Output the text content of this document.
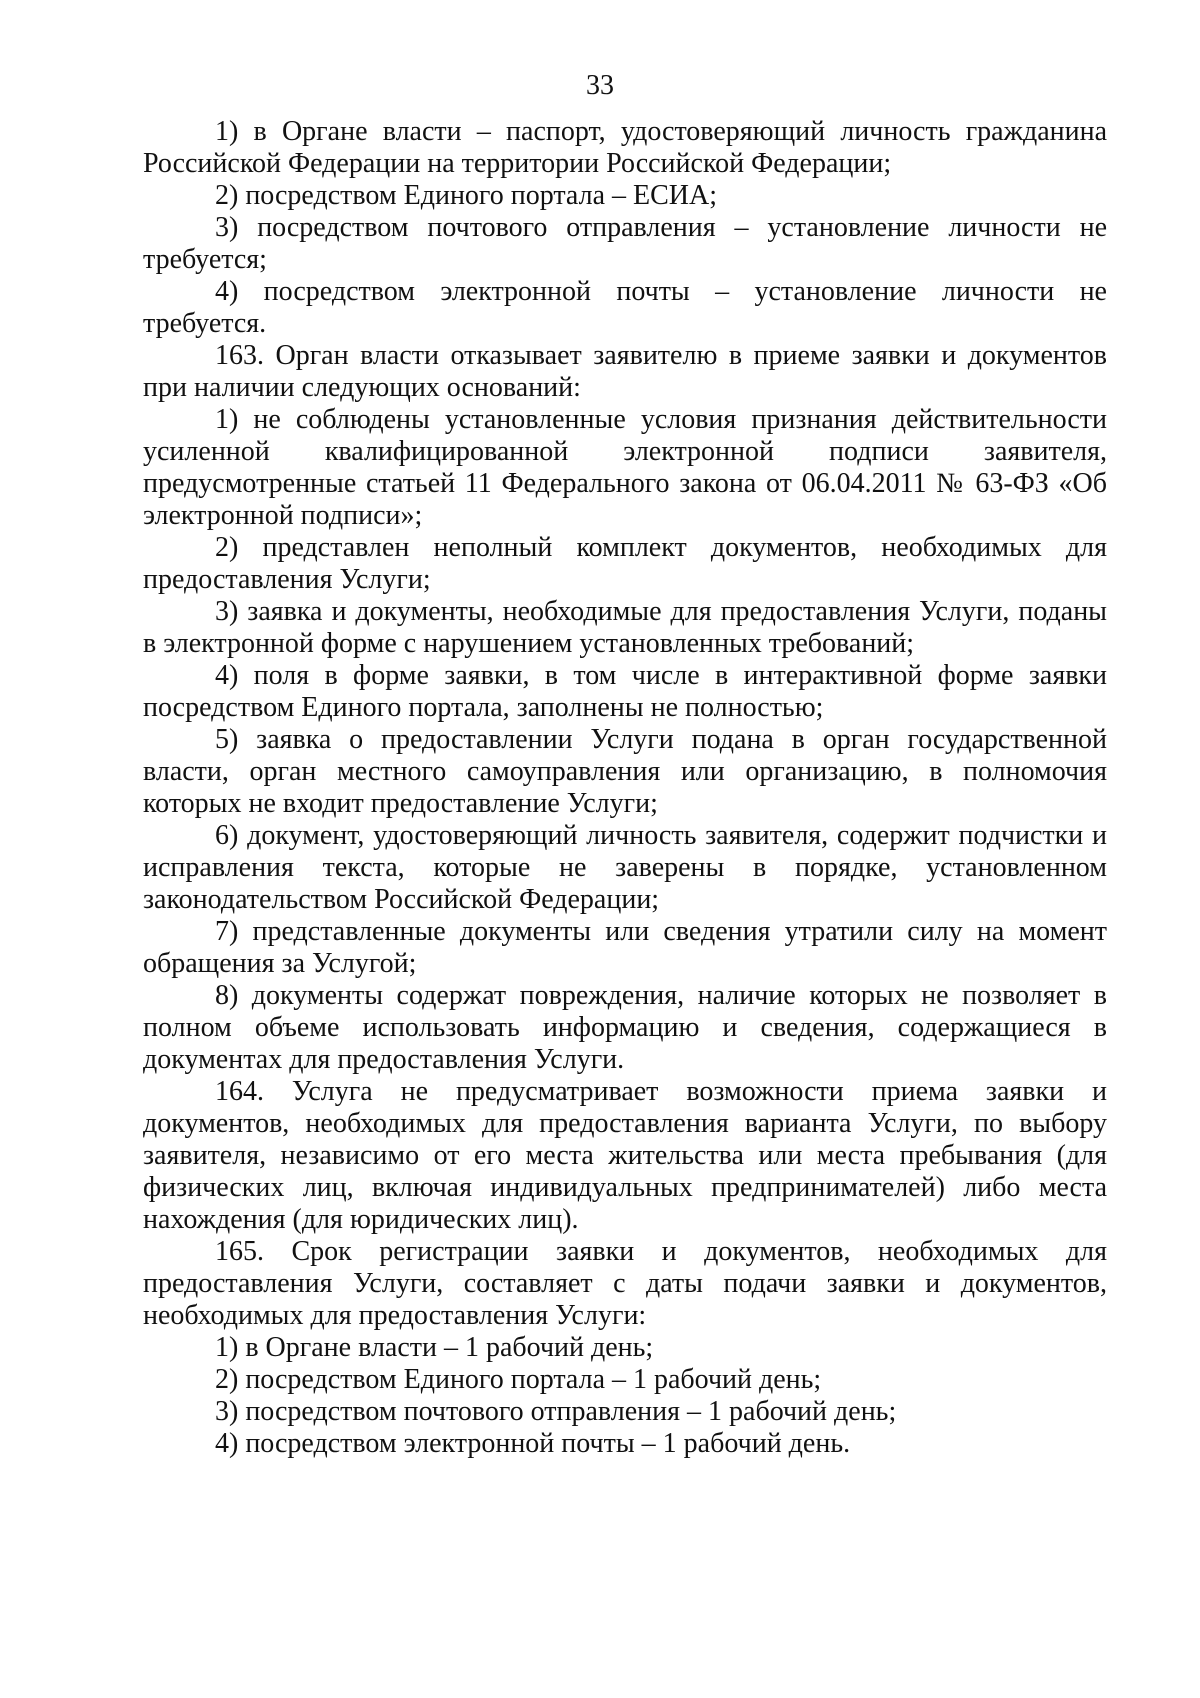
33

1) в Органе власти – паспорт, удостоверяющий личность гражданина Российской Федерации на территории Российской Федерации;

2) посредством Единого портала – ЕСИА;

3) посредством почтового отправления – установление личности не требуется;

4) посредством электронной почты – установление личности не требуется.

163. Орган власти отказывает заявителю в приеме заявки и документов при наличии следующих оснований:

1) не соблюдены установленные условия признания действительности усиленной квалифицированной электронной подписи заявителя, предусмотренные статьей 11 Федерального закона от 06.04.2011 № 63-ФЗ «Об электронной подписи»;

2) представлен неполный комплект документов, необходимых для предоставления Услуги;

3) заявка и документы, необходимые для предоставления Услуги, поданы в электронной форме с нарушением установленных требований;

4) поля в форме заявки, в том числе в интерактивной форме заявки посредством Единого портала, заполнены не полностью;

5) заявка о предоставлении Услуги подана в орган государственной власти, орган местного самоуправления или организацию, в полномочия которых не входит предоставление Услуги;

6) документ, удостоверяющий личность заявителя, содержит подчистки и исправления текста, которые не заверены в порядке, установленном законодательством Российской Федерации;

7) представленные документы или сведения утратили силу на момент обращения за Услугой;

8) документы содержат повреждения, наличие которых не позволяет в полном объеме использовать информацию и сведения, содержащиеся в документах для предоставления Услуги.

164. Услуга не предусматривает возможности приема заявки и документов, необходимых для предоставления варианта Услуги, по выбору заявителя, независимо от его места жительства или места пребывания (для физических лиц, включая индивидуальных предпринимателей) либо места нахождения (для юридических лиц).

165. Срок регистрации заявки и документов, необходимых для предоставления Услуги, составляет с даты подачи заявки и документов, необходимых для предоставления Услуги:

1) в Органе власти – 1 рабочий день;

2) посредством Единого портала – 1 рабочий день;

3) посредством почтового отправления – 1 рабочий день;

4) посредством электронной почты – 1 рабочий день.
